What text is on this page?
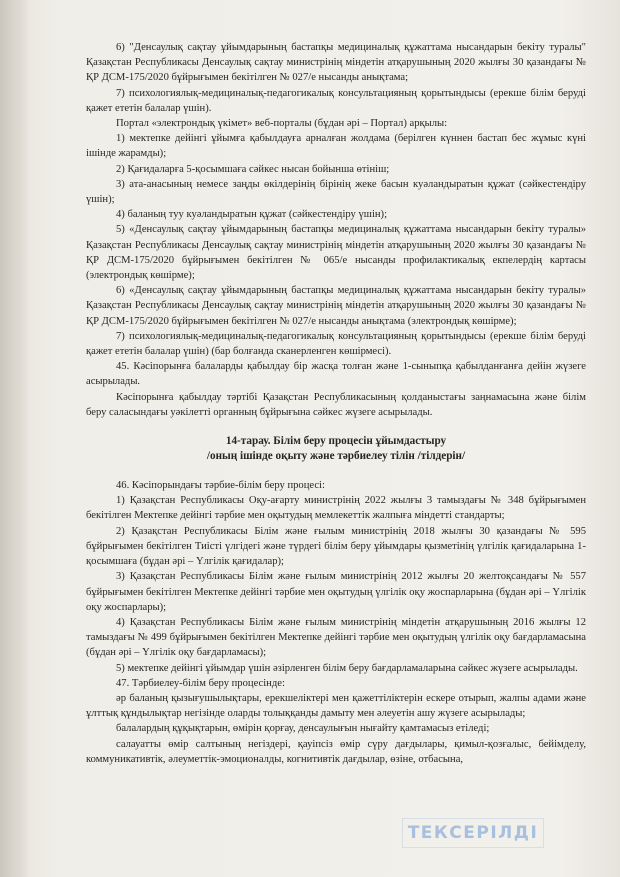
6) "Денсаулық сақтау ұйымдарының бастапқы медициналық құжаттама нысандарын бекіту туралы" Қазақстан Республикасы Денсаулық сақтау министрінің міндетін атқарушының 2020 жылғы 30 қазандағы № ҚР ДСМ-175/2020 бұйрығымен бекітілген № 027/е нысанды анықтама;

7) психологиялық-медициналық-педагогикалық консультацияның қорытындысы (ерекше білім беруді қажет ететін балалар үшін).

Портал «электрондық үкімет» веб-порталы (бұдан әрі – Портал) арқылы:

1) мектепке дейінгі ұйымға қабылдауға арналған жолдама (берілген күннен бастап бес жұмыс күні ішінде жарамды);

2) Қағидаларға 5-қосымшаға сәйкес нысан бойынша өтініш;

3) ата-анасының немесе заңды өкілдерінің бірінің жеке басын куәландыратын құжат (сәйкестендіру үшін);

4) баланың туу куәландыратын құжат (сәйкестендіру үшін);

5) «Денсаулық сақтау ұйымдарының бастапқы медициналық құжаттама нысандарын бекіту туралы» Қазақстан Республикасы Денсаулық сақтау министрінің міндетін атқарушының 2020 жылғы 30 қазандағы № ҚР ДСМ-175/2020 бұйрығымен бекітілген № 065/е нысанды профилактикалық екпелердің картасы (электрондық көшірме);

6) «Денсаулық сақтау ұйымдарының бастапқы медициналық құжаттама нысандарын бекіту туралы» Қазақстан Республикасы Денсаулық сақтау министрінің міндетін атқарушының 2020 жылғы 30 қазандағы № ҚР ДСМ-175/2020 бұйрығымен бекітілген № 027/е нысанды анықтама (электрондық көшірме);

7) психологиялық-медициналық-педагогикалық консультацияның қорытындысы (ерекше білім беруді қажет ететін балалар үшін) (бар болғанда сканерленген көшірмесі).

45. Кәсіпорынға балаларды қабылдау бір жасқа толған және 1-сыныпқа қабылданғанға дейін жүзеге асырылады.

Кәсіпорынға қабылдау тәртібі Қазақстан Республикасының қолданыстағы заңнамасына және білім беру саласындағы уәкілетті органның бұйрығына сәйкес жүзеге асырылады.

14-тарау. Білім беру процесін ұйымдастыру

/оның ішінде оқыту және тәрбиелеу тілін /тілдерін/

46. Кәсіпорындағы тәрбие-білім беру процесі:

1) Қазақстан Республикасы Оқу-ағарту министрінің 2022 жылғы 3 тамыздағы № 348 бұйрығымен бекітілген Мектепке дейінгі тәрбие мен оқытудың мемлекеттік жалпыға міндетті стандарты;

2) Қазақстан Республикасы Білім және ғылым министрінің 2018 жылғы 30 қазандағы № 595 бұйрығымен бекітілген Тиісті үлгідегі және түрдегі білім беру ұйымдары қызметінің үлгілік қағидаларына 1-қосымшаға (бұдан әрі – Үлгілік қағидалар);

3) Қазақстан Республикасы Білім және ғылым министрінің 2012 жылғы 20 желтоқсандағы № 557 бұйрығымен бекітілген Мектепке дейінгі тәрбие мен оқытудың үлгілік оқу жоспарларына (бұдан әрі – Үлгілік оқу жоспарлары);

4) Қазақстан Республикасы Білім және ғылым министрінің міндетін атқарушының 2016 жылғы 12 тамыздағы № 499 бұйрығымен бекітілген Мектепке дейінгі тәрбие мен оқытудың үлгілік оқу бағдарламасына (бұдан әрі – Үлгілік оқу бағдарламасы);

5) мектепке дейінгі ұйымдар үшін әзірленген білім беру бағдарламаларына сәйкес жүзеге асырылады.

47. Тәрбиелеу-білім беру процесінде:

әр баланың қызығушылықтары, ерекшеліктері мен қажеттіліктерін ескере отырып, жалпы адами және ұлттық құндылықтар негізінде оларды толыққанды дамыту мен әлеуетін ашу жүзеге асырылады;

балалардың құқықтарын, өмірін қорғау, денсаулығын нығайту қамтамасыз етіледі;

салауатты өмір салтының негіздері, қауіпсіз өмір сүру дағдылары, қимыл-қозғалыс, бейімделу, коммуникативтік, әлеуметтік-эмоционалды, когнитивтік дағдылар, өзіне, отбасына,

ТЕКСЕРІЛДІ
